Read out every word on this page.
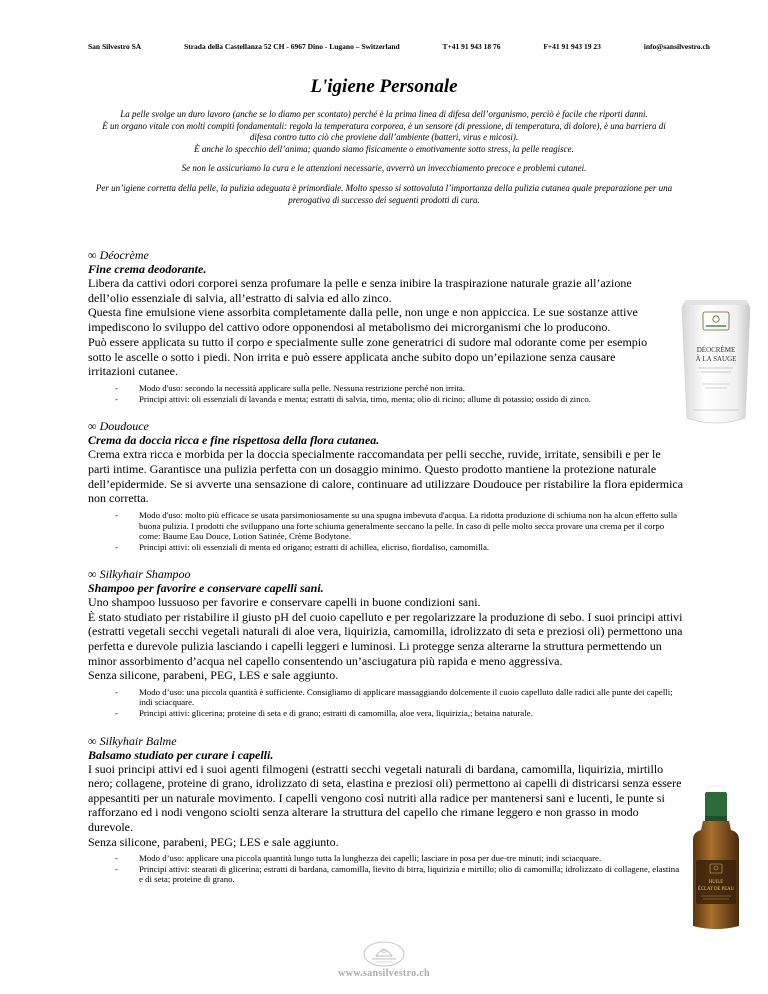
San Silvestro SA	Strada della Castellanza 52 CH - 6967 Dino - Lugano – Switzerland	T+41 91 943 18 76	F+41 91 943 19 23	info@sansilvestro.ch
L'igiene Personale

La pelle svolge un duro lavoro (anche se lo diamo per scontato) perché è la prima linea di difesa dell’organismo, perciò è facile che riporti danni.

È un organo vitale con molti compiti fondamentali: regola la temperatura corporea, è un sensore (di pressione, di temperatura, di dolore), è una barriera di difesa contro tutto ciò che proviene dall’ambiente (batteri, virus e micosi).

È anche lo specchio dell’anima; quando siamo fisicamente o emotivamente sotto stress, la pelle reagisce.

Se non le assicuriamo la cura e le attenzioni necessarie, avverrà un invecchiamento precoce e problemi cutanei.

Per un’igiene corretta della pelle, la pulizia adeguata è primordiale. Molto spesso si sottovaluta l’importanza della pulizia cutanea quale preparazione per una prerogativa di successo dei seguenti prodotti di cura.

∞ Déocrème
Fine crema deodorante.

Libera da cattivi odori corporei senza profumare la pelle e senza inibire la traspirazione naturale grazie all’azione dell’olio essenziale di salvia, all’estratto di salvia ed allo zinco.

Questa fine emulsione viene assorbita completamente dalla pelle, non unge e non appiccica. Le sue sostanze attive impediscono lo sviluppo del cattivo odore opponendosi al metabolismo dei microrganismi che lo producono.

Può essere applicata su tutto il corpo e specialmente sulle zone generatrici di sudore mal odorante come per esempio sotto le ascelle o sotto i piedi. Non irrita e può essere applicata anche subito dopo un’epilazione senza causare irritazioni cutanee.

- Modo d'uso: secondo la necessità applicare sulla pelle. Nessuna restrizione perché non irrita.
- Principi attivi: oli essenziali di lavanda e menta; estratti di salvia, timo, menta; olio di ricino; allume di potassio; ossido di zinco.
∞ Doudouce
Crema da doccia ricca e fine rispettosa della flora cutanea.

Crema extra ricca e morbida per la doccia specialmente raccomandata per pelli secche, ruvide, irritate, sensibili e per le parti intime. Garantisce una pulizia perfetta con un dosaggio minimo. Questo prodotto mantiene la protezione naturale dell’epidermide. Se si avverte una sensazione di calore, continuare ad utilizzare Doudouce per ristabilire la flora epidermica non corretta.

- Modo d'uso: molto più efficace se usata parsimoniosamente su una spugna imbevuta d'acqua. La ridotta produzione di schiuma non ha alcun effetto sulla buona pulizia. I prodotti che sviluppano una forte schiuma generalmente seccano la pelle. In caso di pelle molto secca provare una crema per il corpo come: Baume Eau Douce, Lotion Satinée, Crème Bodytone.
- Principi attivi: oli essenziali di menta ed origano; estratti di achillea, elicriso, fiordaliso, camomilla.
∞ Silkyhair Shampoo
Shampoo per favorire e conservare capelli sani.

Uno shampoo lussuoso per favorire e conservare capelli in buone condizioni sani.

È stato studiato per ristabilire il giusto pH del cuoio capelluto e per regolarizzare la produzione di sebo. I suoi principi attivi (estratti vegetali secchi vegetali naturali di aloe vera, liquirizia, camomilla, idrolizzato di seta e preziosi oli) permettono una perfetta e durevole pulizia lasciando i capelli leggeri e luminosi. Li protegge senza alterarne la struttura permettendo un minor assorbimento d’acqua nel capello consentendo un’asciugatura più rapida e meno aggressiva.

Senza silicone, parabeni, PEG, LES e sale aggiunto.

- Modo d’uso: una piccola quantità è sufficiente. Consigliamo di applicare massaggiando dolcemente il cuoio capelluto dalle radici alle punte dei capelli; indi sciacquare.
- Principi attivi: glicerina; proteine di seta e di grano; estratti di camomilla, aloe vera, liquirizia,; betaina naturale.
∞ Silkyhair Balme
Balsamo studiato per curare i capelli.

I suoi principi attivi ed i suoi agenti filmogeni (estratti secchi vegetali naturali di bardana, camomilla, liquirizia, mirtillo nero; collagene, proteine di grano, idrolizzato di seta, elastina e preziosi oli) permettono ai capelli di districarsi senza essere appesantiti per un naturale movimento. I capelli vengono così nutriti alla radice per mantenersi sani e lucenti, le punte si rafforzano ed i nodi vengono sciolti senza alterare la struttura del capello che rimane leggero e non grasso in modo durevole.

Senza silicone, parabeni, PEG; LES e sale aggiunto.

- Modo d’uso: applicare una piccola quantità lungo tutta la lunghezza dei capelli; lasciare in posa per due-tre minuti; indi sciacquare.
- Principi attivi: stearati di glicerina; estratti di bardana, camomilla, lievito di birra, liquirizia e mirtillo; olio di camomilla; idrolizzato di collagene, elastina e di seta; proteine di grano.
DÉOCRÈME
À LA SAUGE
HUILE
ÉCLAT DE PEAU
www.sansilvestro.ch
